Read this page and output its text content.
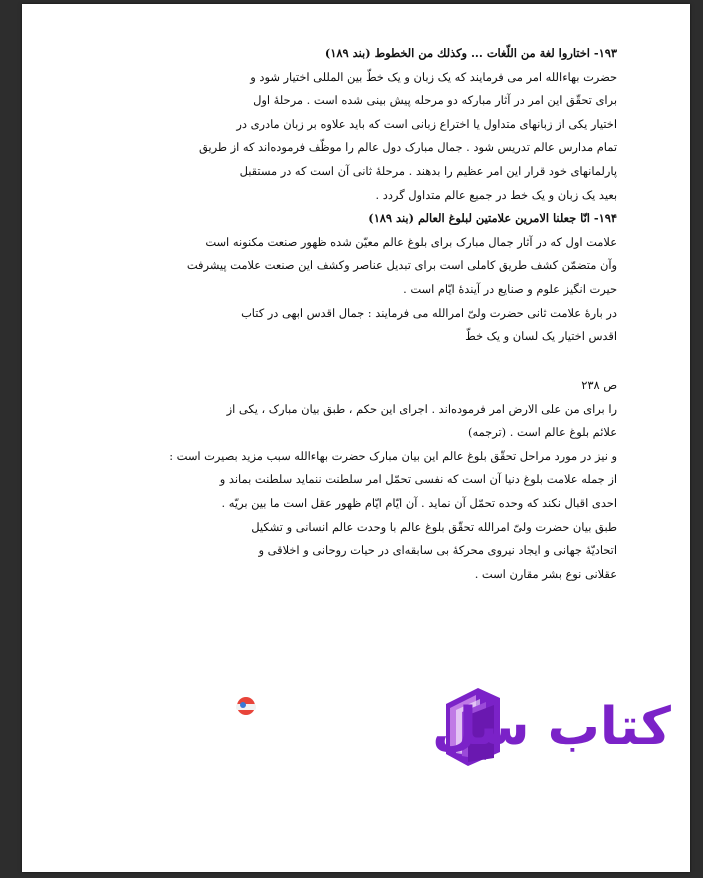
۱۹۳- اختاروا لغة من اللّغات ... وكذلك من الخطوط (بند ۱۸۹)
حضرت بهاءالله امر می فرمایند که یک زبان و یک خطّ بین المللی اختیار شود و
برای تحقّق این امر در آثار مبارکه دو مرحله پیش بینی شده است . مرحلۀ اول
اختیار یکی از زبانهای متداول یا اختراع زبانی است که باید علاوه بر زبان مادری در
تمام مدارس عالم تدریس شود . جمال مبارک دول عالم را موظّف فرموده‌اند که از طریق
پارلمانهای خود قرار این امر عظیم را بدهند . مرحلۀ ثانی آن است که در مستقبل
بعید یک زبان و یک خط در جمیع عالم متداول گردد .
۱۹۴- انّا جعلنا الامرین علامتین لبلوغ العالم (بند ۱۸۹)
علامت اول که در آثار جمال مبارک برای بلوغ عالم معیّن شده ظهور صنعت مکنونه است
وآن متضمّن کشف طریق کاملی است برای تبدیل عناصر وکشف این صنعت علامت پیشرفت
حیرت انگیز علوم و صنایع در آیندۀ ایّام است .
در بارۀ علامت ثانی حضرت ولیّ امرالله می فرمایند : جمال اقدس ابهی در کتاب
اقدس اختیار یک لسان و یک خطّ
ص ۲۳۸
را برای من علی الارض امر فرموده‌اند . اجرای این حکم ، طبق بیان مبارک ، یکی از
علائم بلوغ عالم است . (ترجمه)
و نیز در مورد مراحل تحقّق بلوغ عالم این بیان مبارک حضرت بهاءالله سبب مزید بصیرت است :
از جمله علامت بلوغ دنیا آن است که نفسی تحمّل امر سلطنت ننماید سلطنت بماند و
احدی اقبال نکند که وحده تحمّل آن نماید . آن ایّام ایّام ظهور عقل است ما بین بریّه .
طبق بیان حضرت ولیّ امرالله تحقّق بلوغ عالم با وحدت عالم انسانی و تشکیل
اتحادیّۀ جهانی و ایجاد نیروی محرکۀ بی سابقه‌ای در حیات روحانی و اخلاقی و
عقلانی نوع بشر مقارن است .
کتاب سل
